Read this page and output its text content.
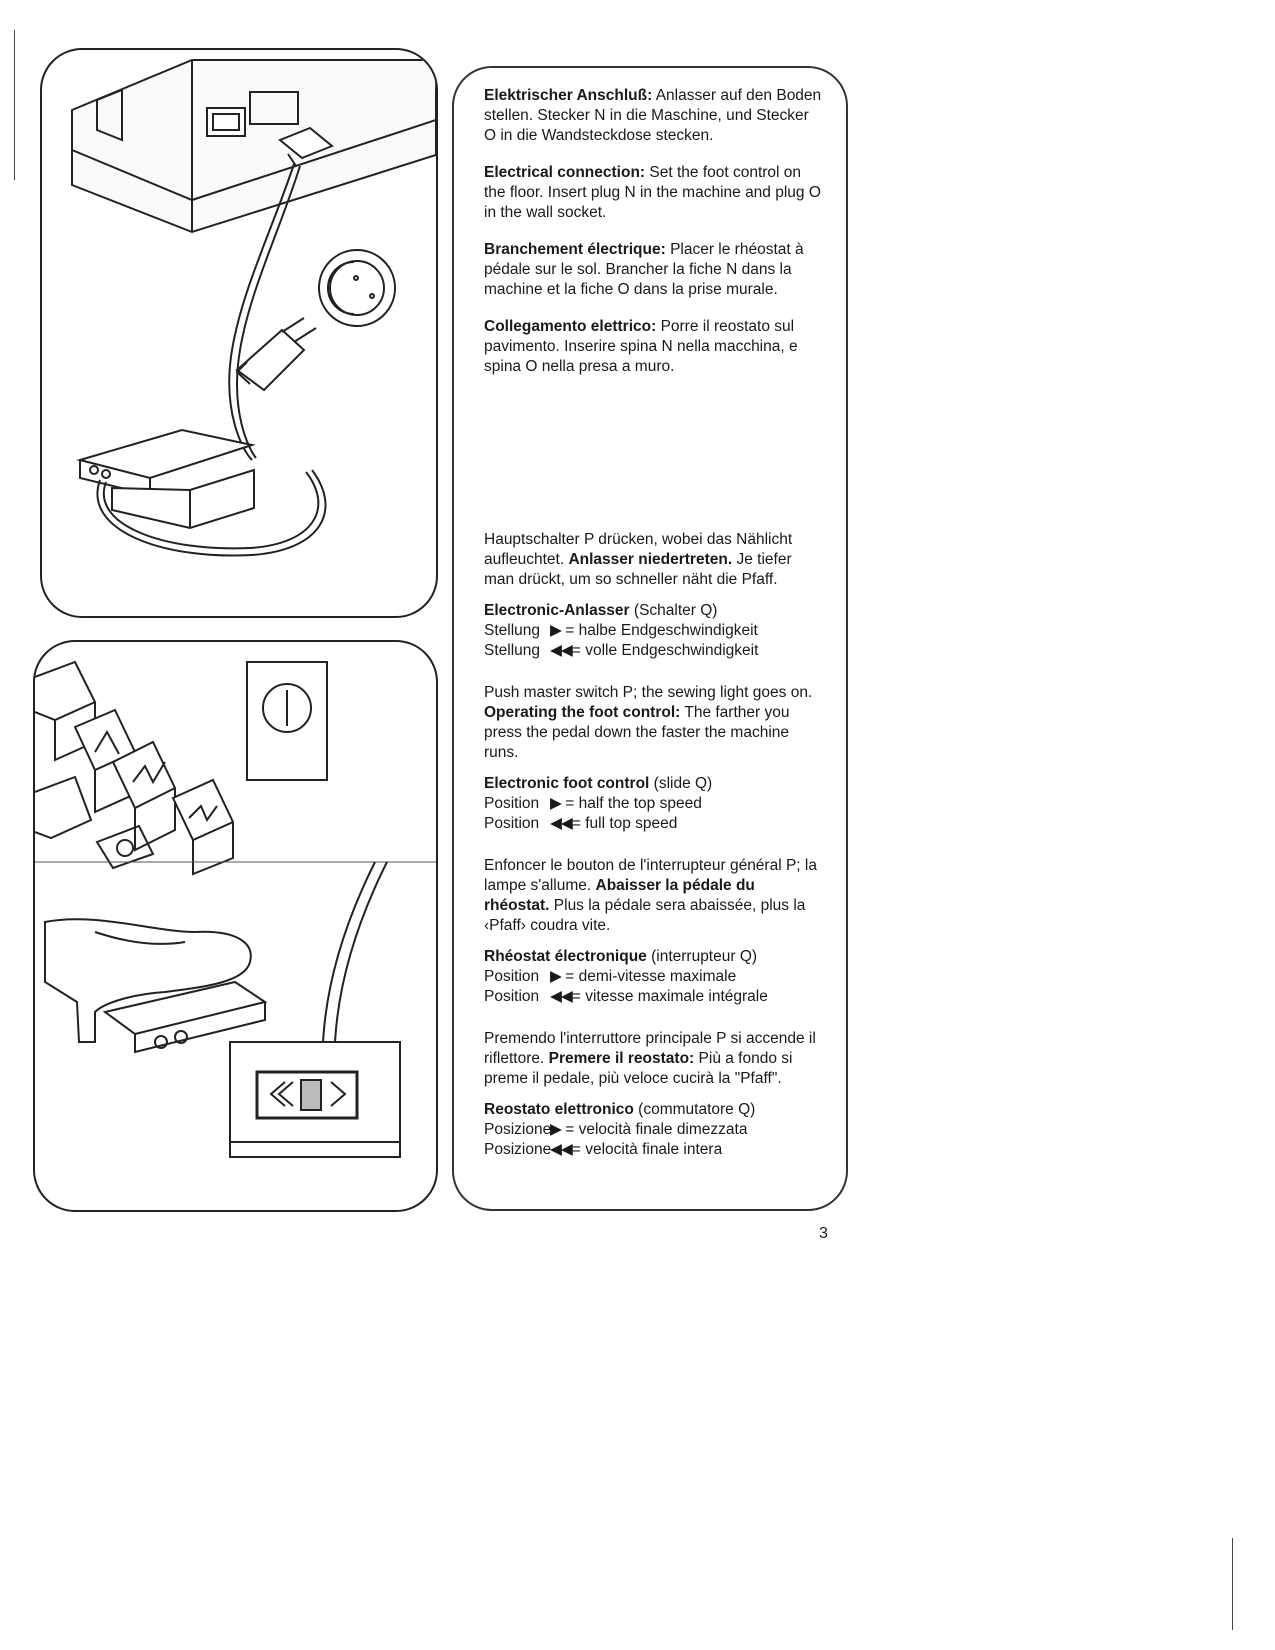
Elektrischer Anschluß: Anlasser auf den Boden stellen. Stecker N in die Maschine, und Stecker O in die Wandsteckdose stecken.

Electrical connection: Set the foot control on the floor. Insert plug N in the machine and plug O in the wall socket.

Branchement électrique: Placer le rhéostat à pédale sur le sol. Brancher la fiche N dans la machine et la fiche O dans la prise murale.

Collegamento elettrico: Porre il reostato sul pavimento. Inserire spina N nella macchina, e spina O nella presa a muro.

Hauptschalter P drücken, wobei das Nählicht aufleuchtet. Anlasser niedertreten. Je tiefer man drückt, um so schneller näht die Pfaff.

Electronic-Anlasser (Schalter Q)
Stellung ▶ = halbe Endgeschwindigkeit
Stellung ◀◀= volle Endgeschwindigkeit

Push master switch P; the sewing light goes on. Operating the foot control: The farther you press the pedal down the faster the machine runs.

Electronic foot control (slide Q)
Position ▶ = half the top speed
Position ◀◀= full top speed

Enfoncer le bouton de l'interrupteur général P; la lampe s'allume. Abaisser la pédale du rhéostat. Plus la pédale sera abaissée, plus la ‹Pfaff› coudra vite.

Rhéostat électronique (interrupteur Q)
Position ▶ = demi-vitesse maximale
Position ◀◀= vitesse maximale intégrale

Premendo l'interruttore principale P si accende il riflettore. Premere il reostato: Più a fondo si preme il pedale, più veloce cucirà la "Pfaff".

Reostato elettronico (commutatore Q)
Posizione▶ = velocità finale dimezzata
Posizione◀◀= velocità finale intera

3
